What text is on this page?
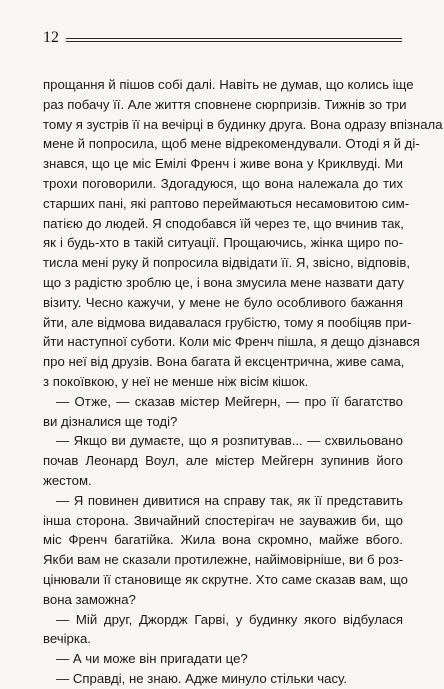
12
прощання й пішов собі далі. Навіть не думав, що колись іще
раз побачу її. Але життя сповнене сюрпризів. Тижнів зо три
тому я зустрів її на вечірці в будинку друга. Вона одразу впізнала
мене й попросила, щоб мене відрекомендували. Отоді я й ді-
знався, що це міс Емілі Френч і живе вона у Криклвуді. Ми
трохи поговорили. Здогадуюся, що вона належала до тих
старших пані, які раптово переймаються несамовитою сим-
патією до людей. Я сподобався їй через те, що вчинив так,
як і будь-хто в такій ситуації. Прощаючись, жінка щиро по-
тисла мені руку й попросила відвідати її. Я, звісно, відповів,
що з радістю зроблю це, і вона змусила мене назвати дату
візиту. Чесно кажучи, у мене не було особливого бажання
йти, але відмова видавалася грубістю, тому я пообіцяв при-
йти наступної суботи. Коли міс Френч пішла, я дещо дізнався
про неї від друзів. Вона багата й ексцентрична, живе сама,
з покоївкою, у неї не менше ніж вісім кішок.
— Отже, — сказав містер Мейгерн, — про її багатство
ви дізналися ще тоді?
— Якщо ви думаєте, що я розпитував... — схвильовано
почав Леонард Воул, але містер Мейгерн зупинив його
жестом.
— Я повинен дивитися на справу так, як її представить
інша сторона. Звичайний спостерігач не зауважив би, що
міс Френч багатійка. Жила вона скромно, майже вбого.
Якби вам не сказали протилежне, найімовірніше, ви б роз-
цінювали її становище як скрутне. Хто саме сказав вам, що
вона заможна?
— Мій друг, Джордж Гарві, у будинку якого відбулася
вечірка.
— А чи може він пригадати це?
— Справді, не знаю. Адже минуло стільки часу.
